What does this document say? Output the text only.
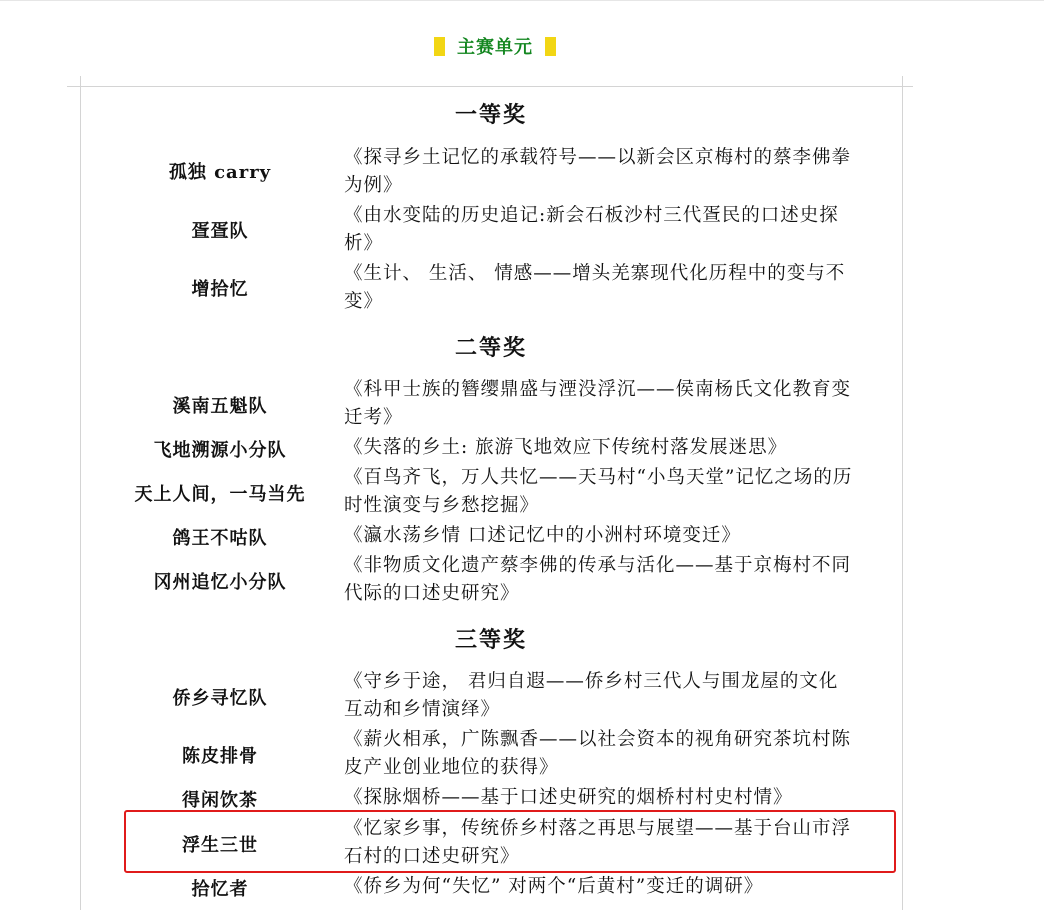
主赛单元
一等奖
孤独 carry
《探寻乡土记忆的承载符号——以新会区京梅村的蔡李佛拳为例》
疍疍队
《由水变陆的历史追记:新会石板沙村三代疍民的口述史探析》
增拾忆
《生计、 生活、 情感——增头羌寨现代化历程中的变与不变》
二等奖
溪南五魁队
《科甲士族的簪缨鼎盛与湮没浮沉——侯南杨氏文化教育变迁考》
飞地溯源小分队	《失落的乡土: 旅游飞地效应下传统村落发展迷思》
天上人间，一马当先
《百鸟齐飞，万人共忆——天马村“小鸟天堂”记忆之场的历时性演变与乡愁挖掘》
鸽王不咕队	《瀛水荡乡情 口述记忆中的小洲村环境变迁》
冈州追忆小分队
《非物质文化遗产蔡李佛的传承与活化——基于京梅村不同代际的口述史研究》
三等奖
侨乡寻忆队
《守乡于途， 君归自遐——侨乡村三代人与围龙屋的文化互动和乡情演绎》
陈皮排骨
《薪火相承，广陈飘香——以社会资本的视角研究茶坑村陈皮产业创业地位的获得》
得闲饮茶	《探脉烟桥——基于口述史研究的烟桥村村史村情》
浮生三世
《忆家乡事，传统侨乡村落之再思与展望——基于台山市浮石村的口述史研究》
拾忆者	《侨乡为何“失忆” 对两个“后黄村”变迁的调研》
